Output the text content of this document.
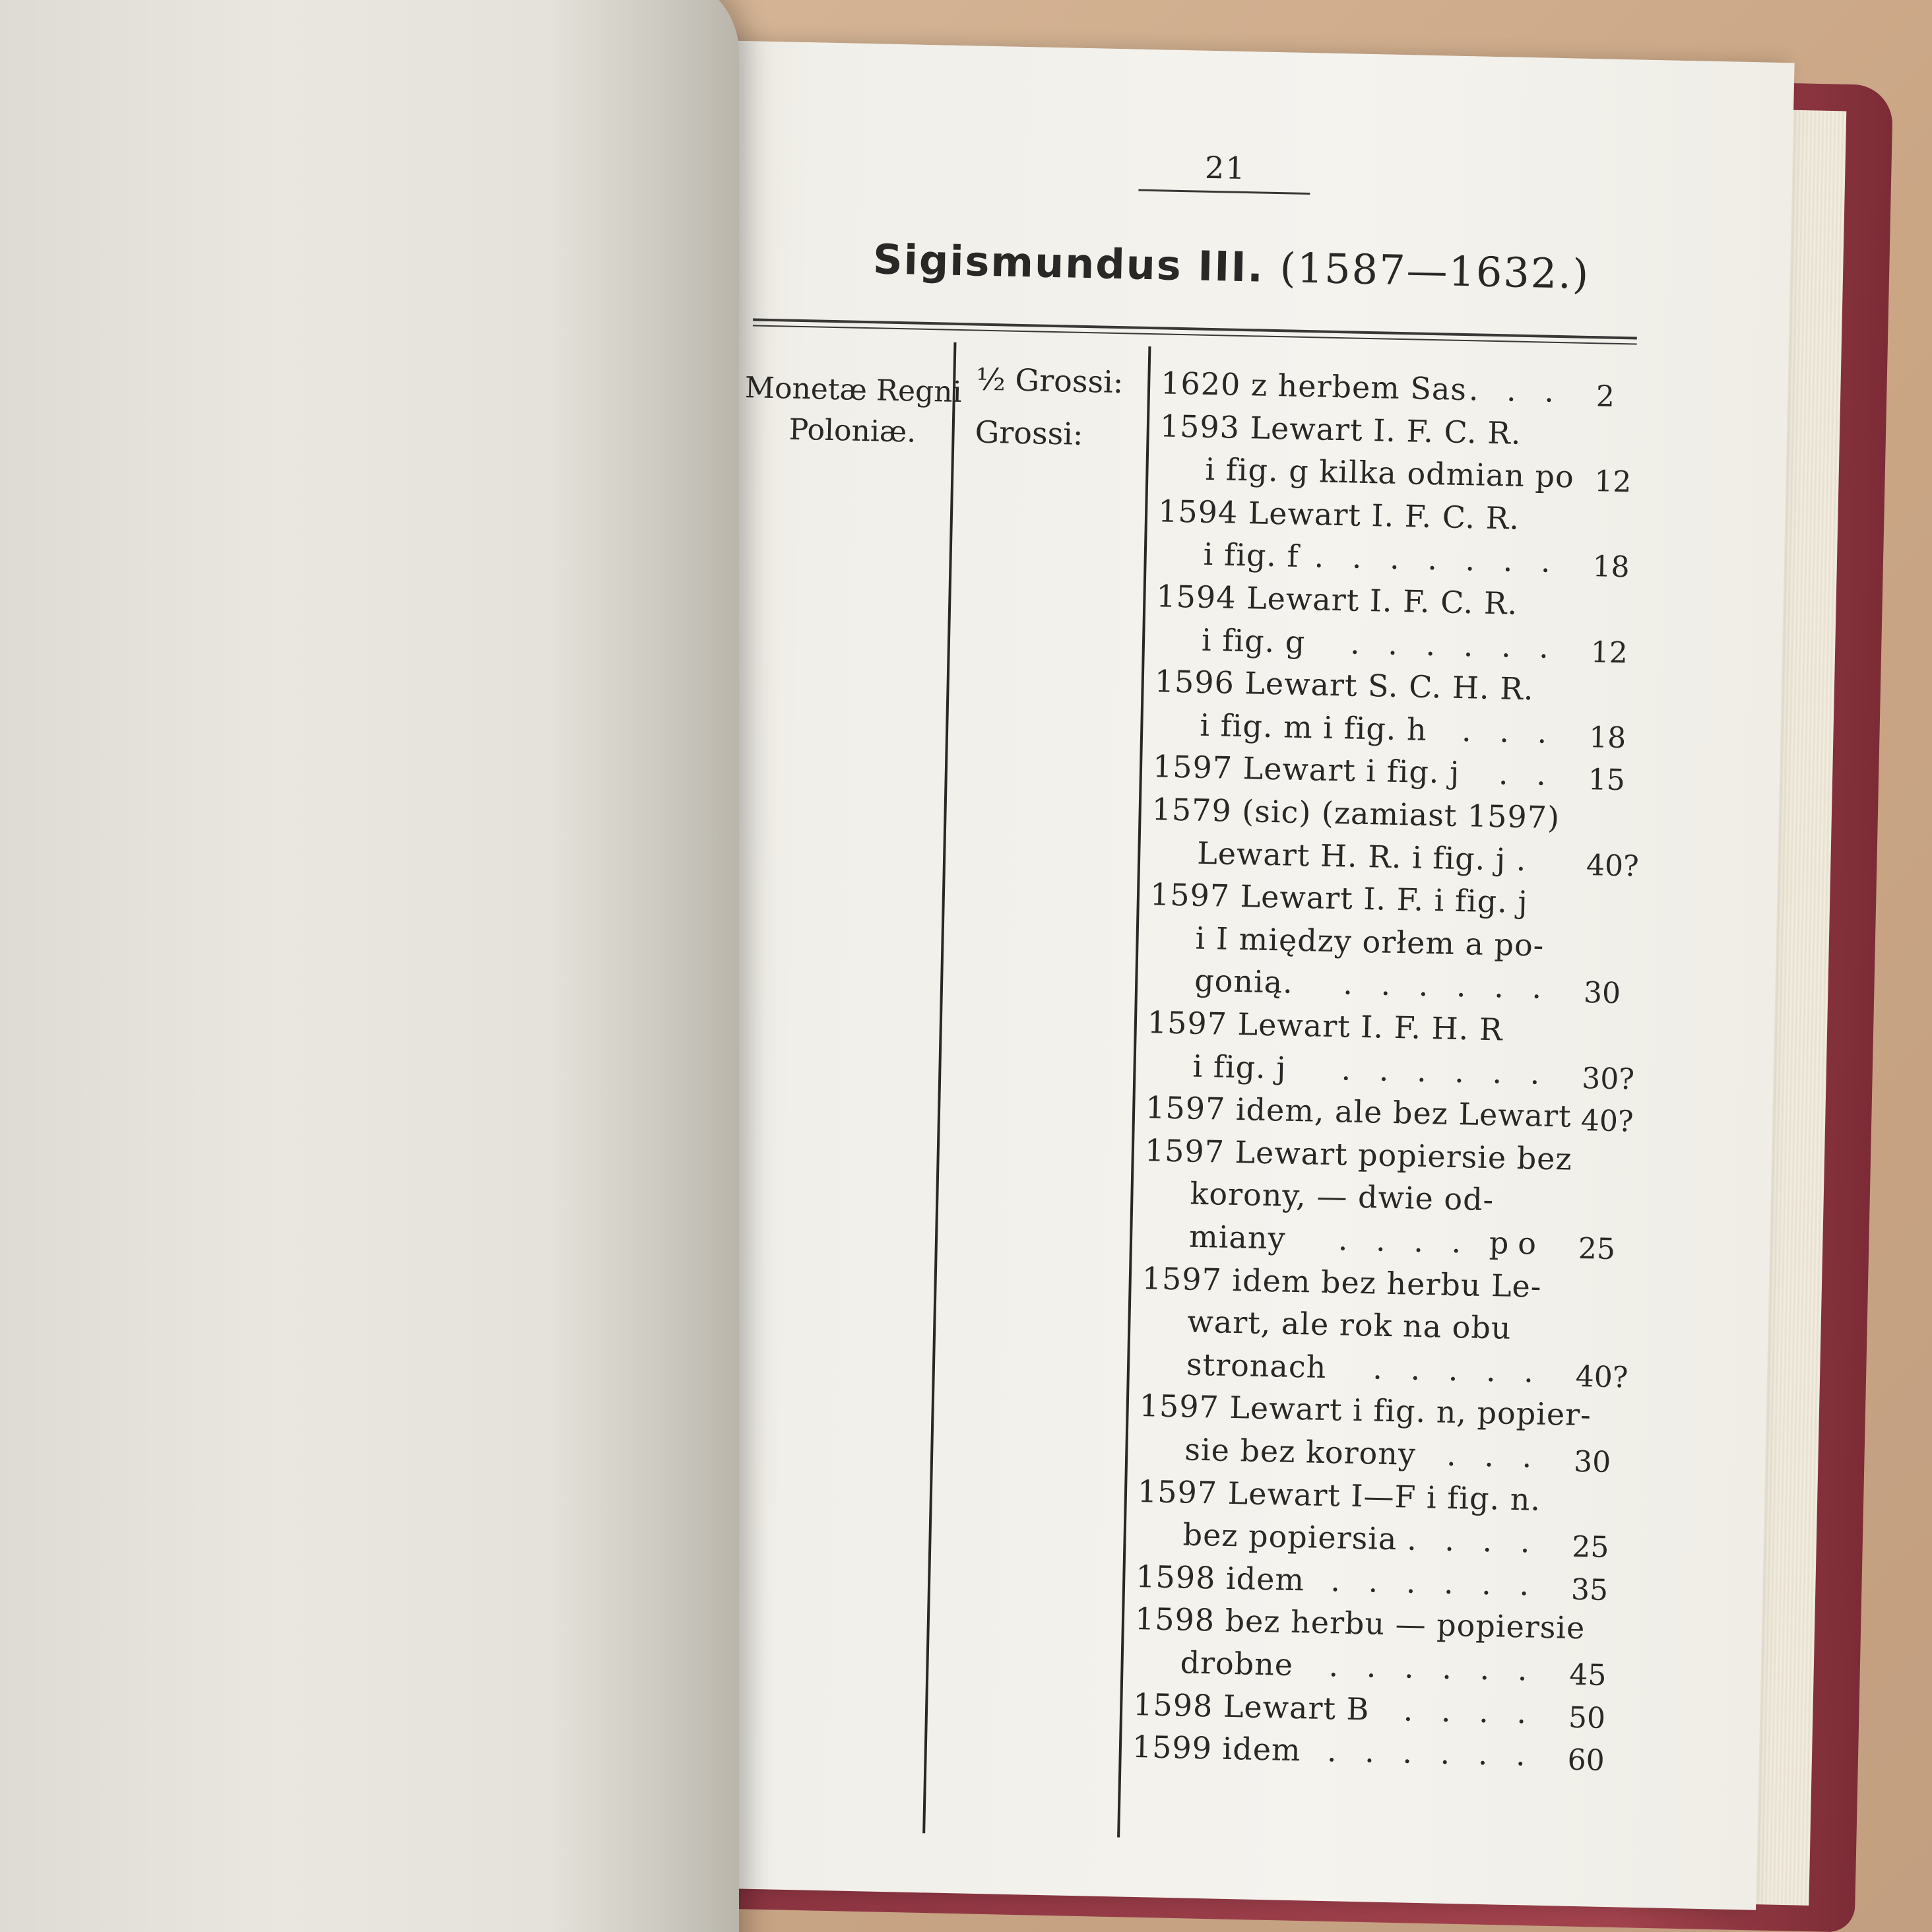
21
Sigismundus III. (1587—1632.)
Monetæ Regni
Poloniæ.
½ Grossi:
Grossi:
1620 z herbem Sas . . . 2
1593 Lewart I. F. C. R.
i fig. g kilka odmian po 12
1594 Lewart I. F. C. R.
i fig. f . . . . . . . 18
1594 Lewart I. F. C. R.
i fig. g . . . . . . 12
1596 Lewart S. C. H. R.
i fig. m i fig. h . . . 18
1597 Lewart i fig. j . . 15
1579 (sic) (zamiast 1597)
Lewart H. R. i fig. j .	40?
1597 Lewart I. F. i fig. j
i I między orłem a po-
gonią. . . . . . . 30
1597 Lewart I. F. H. R
i fig. j . . . . . . 30?
1597 idem, ale bez Lewart 40?
1597 Lewart popiersie bez
korony, — dwie od-
miany . . . . po 25
1597 idem bez herbu Le-
wart, ale rok na obu
stronach . . . . . 40?
1597 Lewart i fig. n, popier-
sie bez korony . . . 30
1597 Lewart I—F i fig. n.
bez popiersia . . . . 25
1598 idem . . . . . . 35
1598 bez herbu — popiersie
drobne . . . . . . 45
1598 Lewart B . . . . 50
1599 idem . . . . . . 60
